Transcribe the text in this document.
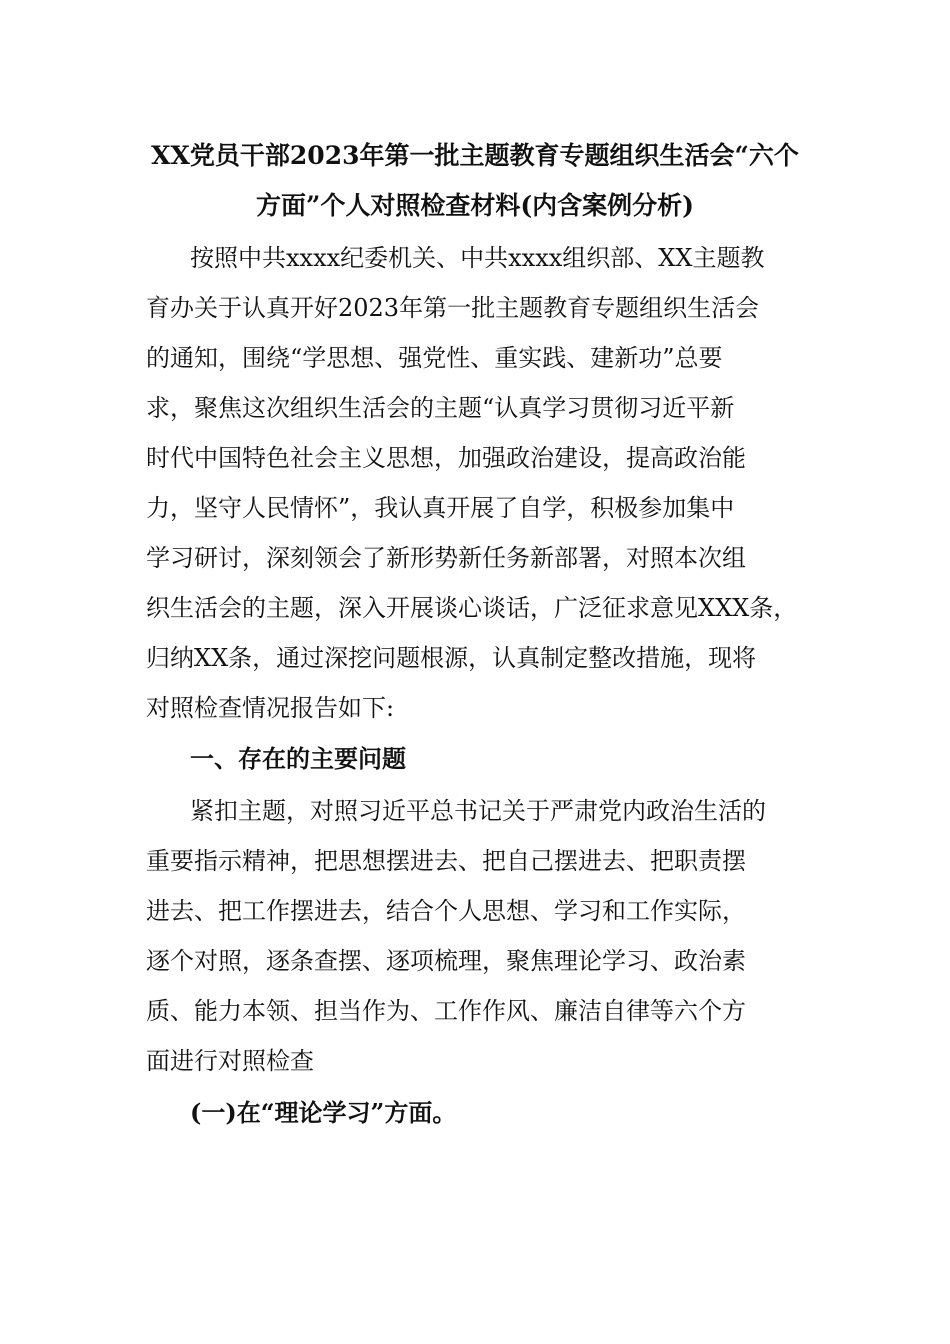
XX党员干部2023年第一批主题教育专题组织生活会“六个
方面”个人对照检查材料(内含案例分析)
按照中共xxxx纪委机关、中共xxxx组织部、XX主题教
育办关于认真开好2023年第一批主题教育专题组织生活会
的通知，围绕“学思想、强党性、重实践、建新功”总要
求，聚焦这次组织生活会的主题“认真学习贯彻习近平新
时代中国特色社会主义思想，加强政治建设，提高政治能
力，坚守人民情怀”，我认真开展了自学，积极参加集中
学习研讨，深刻领会了新形势新任务新部署，对照本次组
织生活会的主题，深入开展谈心谈话，广泛征求意见XXX条，
归纳XX条，通过深挖问题根源，认真制定整改措施，现将
对照检查情况报告如下:
一、存在的主要问题
紧扣主题，对照习近平总书记关于严肃党内政治生活的
重要指示精神，把思想摆进去、把自己摆进去、把职责摆
进去、把工作摆进去，结合个人思想、学习和工作实际，
逐个对照，逐条查摆、逐项梳理，聚焦理论学习、政治素
质、能力本领、担当作为、工作作风、廉洁自律等六个方
面进行对照检查
(一)在“理论学习”方面。
